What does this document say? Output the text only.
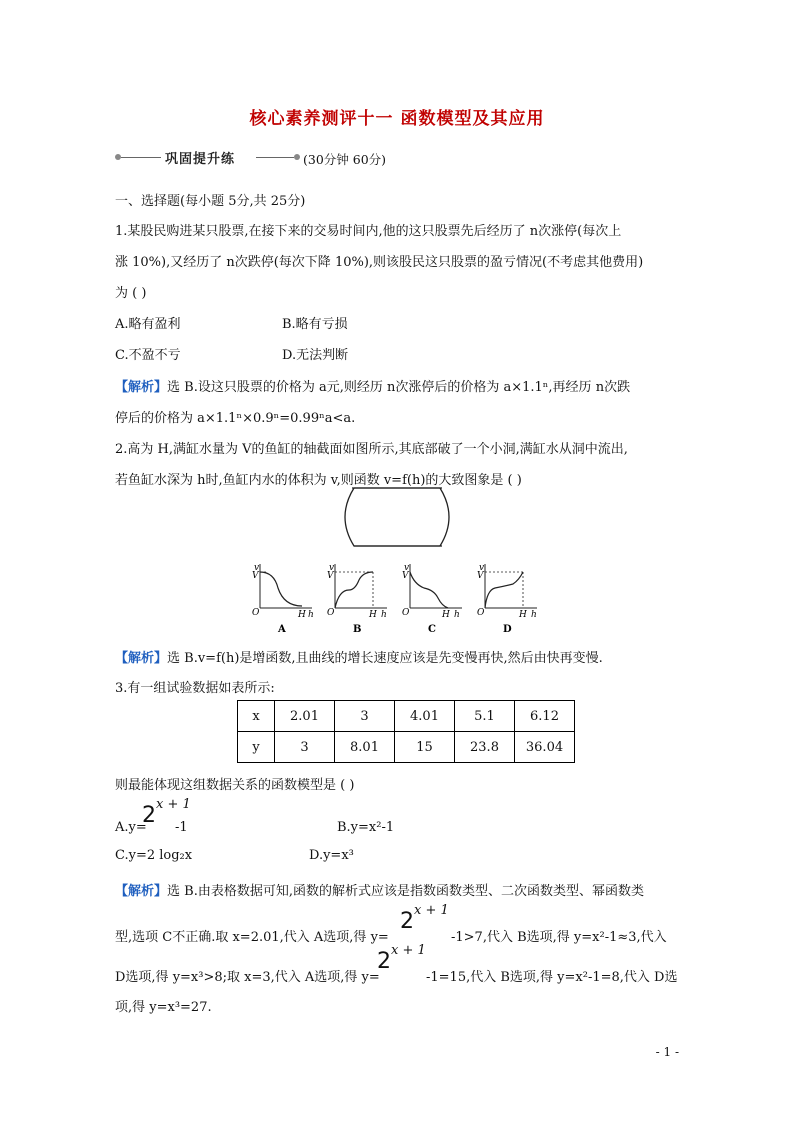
核心素养测评十一 函数模型及其应用
巩固提升练	(30分钟 60分)
一、选择题(每小题 5分,共 25分)
1.某股民购进某只股票,在接下来的交易时间内,他的这只股票先后经历了 n次涨停(每次上
涨 10%),又经历了 n次跌停(每次下降 10%),则该股民这只股票的盈亏情况(不考虑其他费用)
为 ( )
A.略有盈利	B.略有亏损
C.不盈不亏	D.无法判断
【解析】选 B.设这只股票的价格为 a元,则经历 n次涨停后的价格为 a×1.1ⁿ,再经历 n次跌
停后的价格为 a×1.1ⁿ×0.9ⁿ=0.99ⁿa<a.
2.高为 H,满缸水量为 V的鱼缸的轴截面如图所示,其底部破了一个小洞,满缸水从洞中流出,
若鱼缸水深为 h时,鱼缸内水的体积为 v,则函数 v=f(h)的大致图象是 ( )
v
V
O	H h
A
v
V
O	H h
B
v
V
O	H h
C
v
V
O	H h
D
【解析】选 B.v=f(h)是增函数,且曲线的增长速度应该是先变慢再快,然后由快再变慢.
3.有一组试验数据如表所示:
x	2.01	3	4.01	5.1	6.12
y	3	8.01	15	23.8	36.04
则最能体现这组数据关系的函数模型是 ( )
A.y=
2 x + 1
-1	B.y=x²-1
C.y=2 log₂x	D.y=x³
【解析】选 B.由表格数据可知,函数的解析式应该是指数函数类型、二次函数类型、幂函数类
型,选项 C不正确.取 x=2.01,代入 A选项,得 y=
2 x + 1
-1>7,代入 B选项,得 y=x²-1≈3,代入
D选项,得 y=x³>8;取 x=3,代入 A选项,得 y=
2 x + 1
-1=15,代入 B选项,得 y=x²-1=8,代入 D选
项,得 y=x³=27.
- 1 -
